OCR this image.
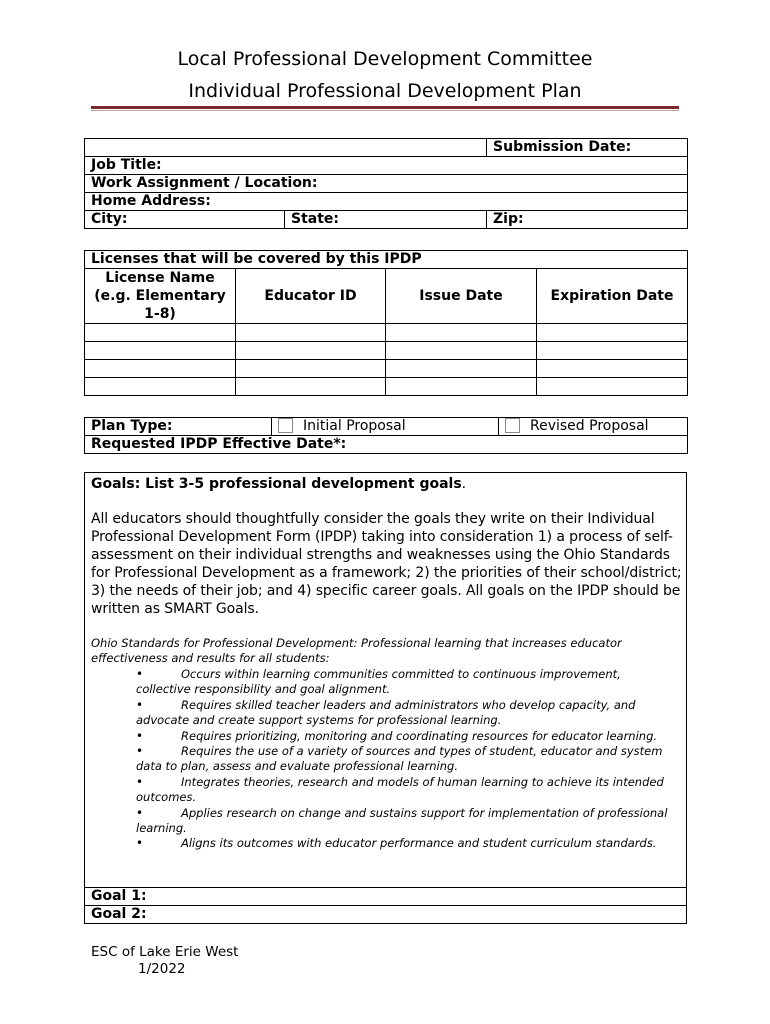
Local Professional Development Committee
Individual Professional Development Plan
		Submission Date:
Job Title:		
Work Assignment / Location:		
Home Address:		
City:	State:	Zip:
Licenses that will be covered by this IPDP			
License Name (e.g. Elementary 1-8)	Educator ID	Issue Date	Expiration Date

Plan Type:	Initial Proposal	Revised Proposal
Requested IPDP Effective Date*:
Goals: List 3-5 professional development goals.
All educators should thoughtfully consider the goals they write on their Individual Professional Development Form (IPDP) taking into consideration 1) a process of self-assessment on their individual strengths and weaknesses using the Ohio Standards for Professional Development as a framework; 2) the priorities of their school/district; 3) the needs of their job; and 4) specific career goals. All goals on the IPDP should be written as SMART Goals.
Ohio Standards for Professional Development: Professional learning that increases educator effectiveness and results for all students:
•	Occurs within learning communities committed to continuous improvement, collective responsibility and goal alignment.
•	Requires skilled teacher leaders and administrators who develop capacity, and advocate and create support systems for professional learning.
•	Requires prioritizing, monitoring and coordinating resources for educator learning.
•	Requires the use of a variety of sources and types of student, educator and system data to plan, assess and evaluate professional learning.
•	Integrates theories, research and models of human learning to achieve its intended outcomes.
•	Applies research on change and sustains support for implementation of professional learning.
•	Aligns its outcomes with educator performance and student curriculum standards.
Goal 1:
Goal 2:
ESC of Lake Erie West
1/2022
